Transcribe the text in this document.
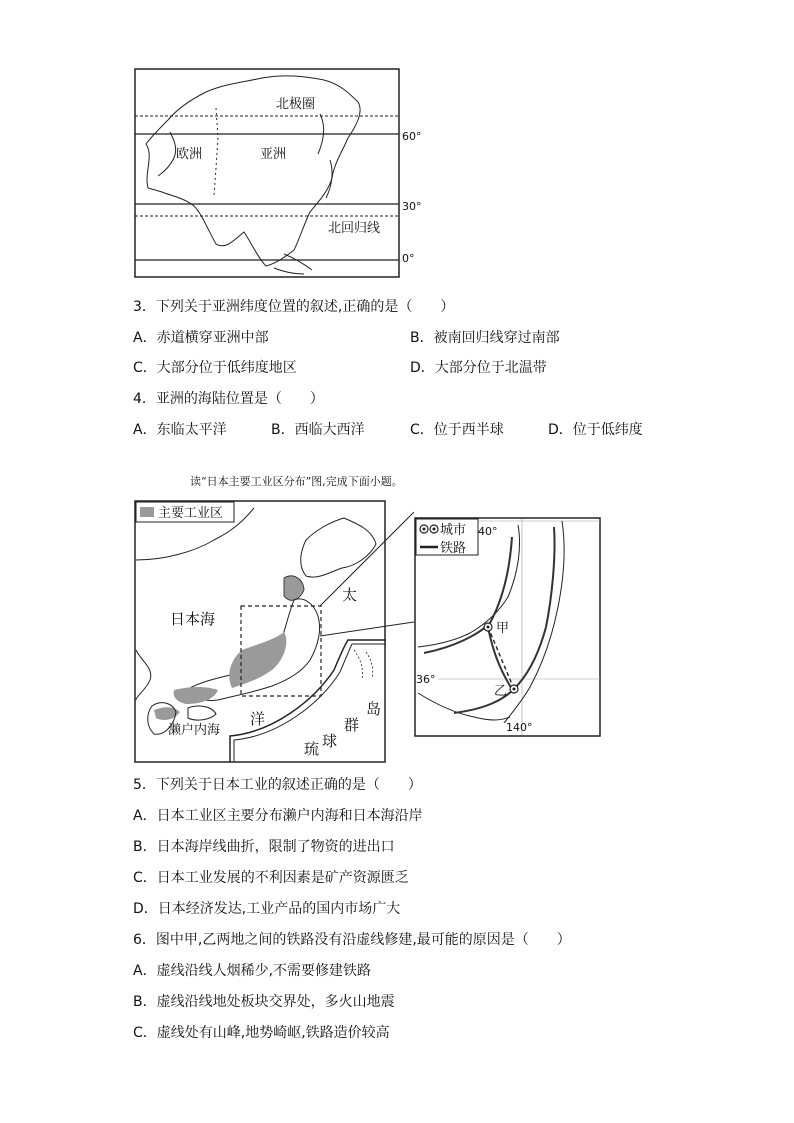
北极圈
60°
欧洲	亚洲
30°
北回归线
0°
3．下列关于亚洲纬度位置的叙述,正确的是（　　）
A．赤道横穿亚洲中部	B．被南回归线穿过南部
C．大部分位于低纬度地区	D．大部分位于北温带
4．亚洲的海陆位置是（　　）
A．东临太平洋	B．西临大西洋	C．位于西半球	D．位于低纬度
读“日本主要工业区分布”图,完成下面小题。
主要工业区
日本海
太
洋
濑户内海	群
岛
琉 球
城市
铁路
40°
36°
140°
甲
乙
5．下列关于日本工业的叙述正确的是（　　）
A．日本工业区主要分布濑户内海和日本海沿岸
B．日本海岸线曲折，限制了物资的进出口
C．日本工业发展的不利因素是矿产资源匮乏
D．日本经济发达,工业产品的国内市场广大
6．图中甲,乙两地之间的铁路没有沿虚线修建,最可能的原因是（　　）
A．虚线沿线人烟稀少,不需要修建铁路
B．虚线沿线地处板块交界处，多火山地震
C．虚线处有山峰,地势崎岖,铁路造价较高
